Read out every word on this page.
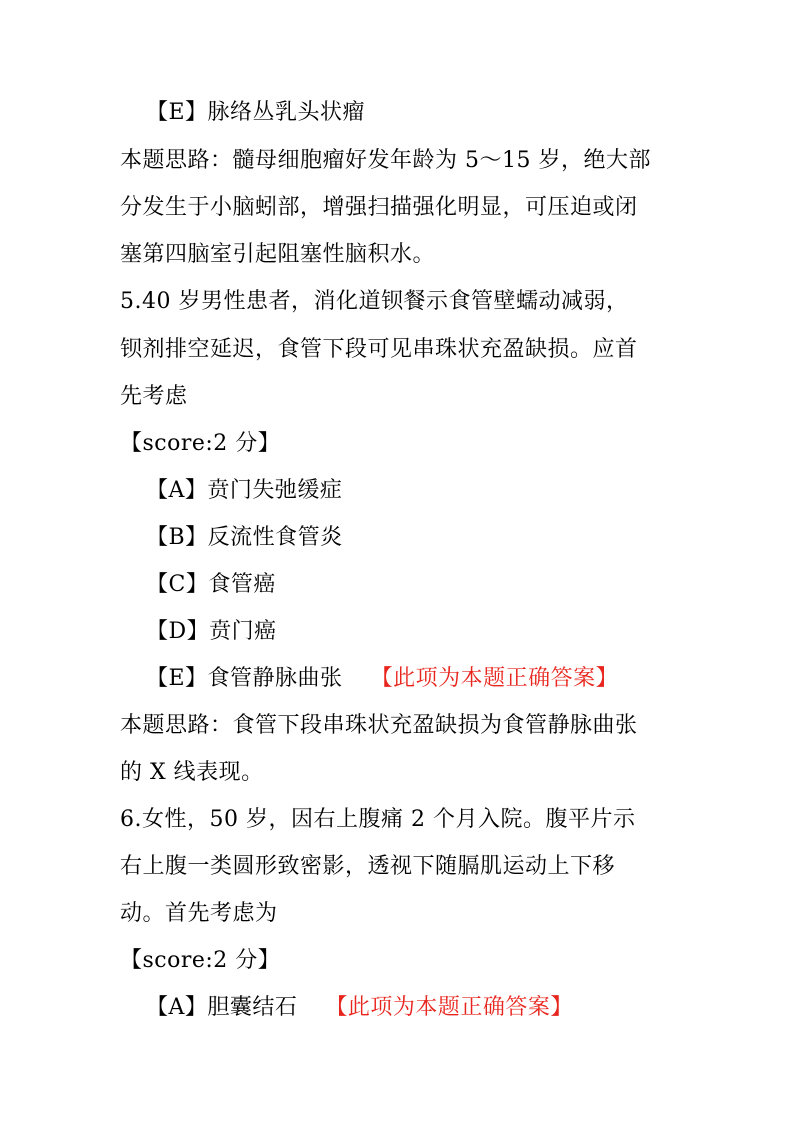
【E】脉络丛乳头状瘤
本题思路：髓母细胞瘤好发年龄为 5～15 岁，绝大部
分发生于小脑蚓部，增强扫描强化明显，可压迫或闭
塞第四脑室引起阻塞性脑积水。
5.40 岁男性患者，消化道钡餐示食管壁蠕动减弱，
钡剂排空延迟，食管下段可见串珠状充盈缺损。应首
先考虑
【score:2 分】
【A】贲门失弛缓症
【B】反流性食管炎
【C】食管癌
【D】贲门癌
【E】食管静脉曲张 【此项为本题正确答案】
本题思路：食管下段串珠状充盈缺损为食管静脉曲张
的 X 线表现。
6.女性，50 岁，因右上腹痛 2 个月入院。腹平片示
右上腹一类圆形致密影，透视下随膈肌运动上下移
动。首先考虑为
【score:2 分】
【A】胆囊结石 【此项为本题正确答案】
